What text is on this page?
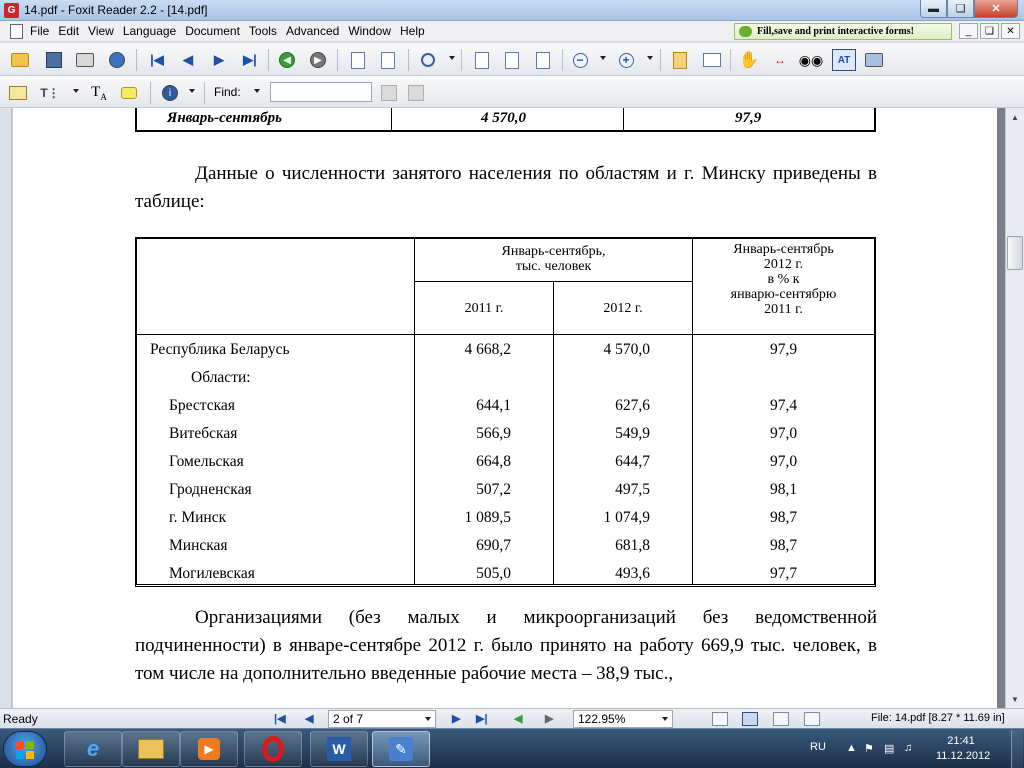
G 14.pdf - Foxit Reader 2.2 - [14.pdf]	▬ ❏ ✕
File Edit View Language Document Tools Advanced Window Help	Fill,save and print interactive forms!	_ ❏ ✕
|◀ ◀ ▶ ▶|	◀	▶	−	+	✋ ↔ ◉◉ AT
T⋮ $T_A$	i	Find:
Январь-сентябрь	4 570,0	97,9
Данные о численности занятого населения по областям и г. Минску приведены в таблице:
Январь-сентябрь,
тыс. человек
2011 г.	2012 г.
Январь-сентябрь
2012 г.
в % к
январю-сентябрю
2011 г.
Республика Беларусь	4 668,2	4 570,0	97,9
Области:
Брестская	644,1	627,6	97,4
Витебская	566,9	549,9	97,0
Гомельская	664,8	644,7	97,0
Гродненская	507,2	497,5	98,1
г. Минск	1 089,5	1 074,9	98,7
Минская	690,7	681,8	98,7
Могилевская	505,0	493,6	97,7
Организациями (без малых и микроорганизаций без ведомственной подчиненности) в январе-сентябре 2012 г. было принято на работу 669,9 тыс. человек, в том числе на дополнительно введенные рабочие места – 38,9 тыс.,
▲
▼
Ready	|◀ ◀	2 of 7	▶ ▶| ◀ ▶	122.95%	File: 14.pdf [8.27 * 11.69 in]
e	▶	W	✎	RU ▲ ⚑ ▤ ♫
21:41
11.12.2012
